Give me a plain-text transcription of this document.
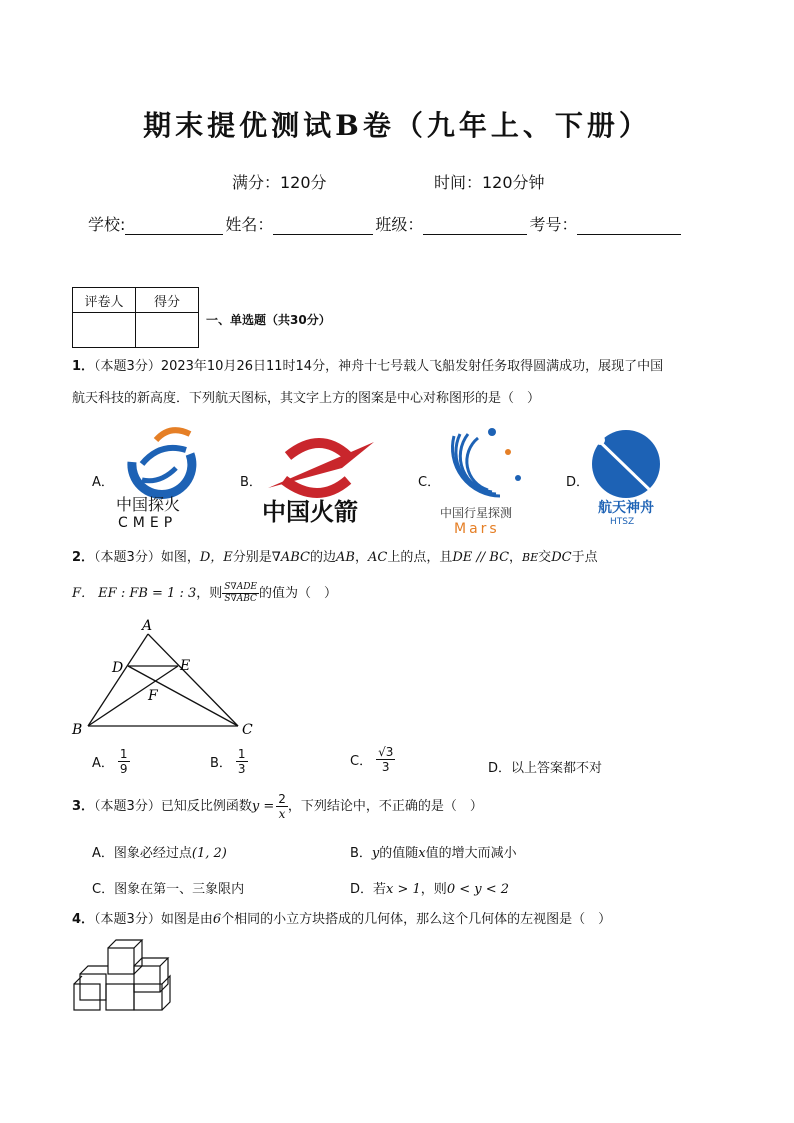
期末提优测试B卷（九年上、下册）
满分：120分	时间：120分钟
学校:	姓名：	班级：	考号：
评卷人	得分

一、单选题（共30分）
1．（本题3分）2023年10月26日11时14分，神舟十七号载人飞船发射任务取得圆满成功，展现了中国
航天科技的新高度．下列航天图标，其文字上方的图案是中心对称图形的是（　）
A．
中国探火
CMEP
B．
中国火箭
C．
中国行星探测
Mars
D．
航天神舟
HTSZ
2．（本题3分）如图，D，E分别是∇ABC的边AB，AC上的点，且DE // BC，BE交DC于点
F． EF : FB = 1 : 3，则 $\frac{\text{S∇ADE}}{\text{S∇ABC}}$ 的值为（　）
A
D	E
F
B	C
A． $\frac{1}{9}$	B． $\frac{1}{3}$	C． $\frac{√3}{3}$	D．以上答案都不对
3．（本题3分）已知反比例函数$y = \frac{2}{x}$ ，下列结论中，不正确的是（　）
A．图象必经过点(1, 2)	B．y的值随x值的增大而减小
C．图象在第一、三象限内	D．若x > 1，则0 < y < 2
4．（本题3分）如图是由6个相同的小立方块搭成的几何体，那么这个几何体的左视图是（　）
